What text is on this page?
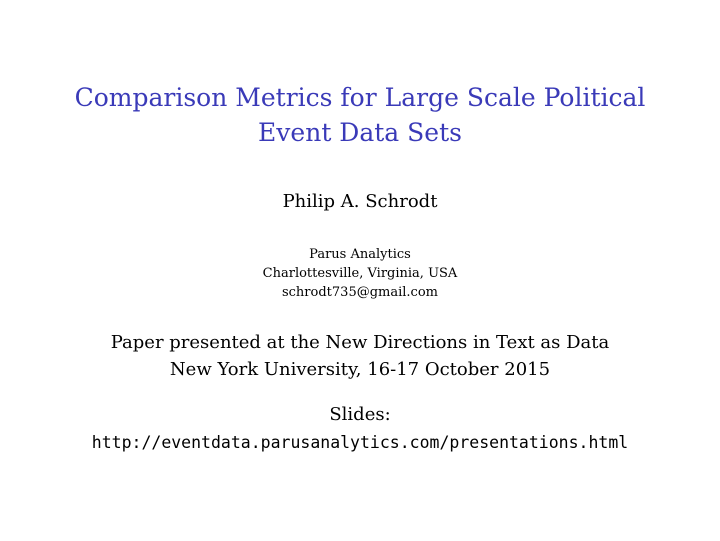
Comparison Metrics for Large Scale Political
Event Data Sets
Philip A. Schrodt
Parus Analytics
Charlottesville, Virginia, USA
schrodt735@gmail.com
Paper presented at the New Directions in Text as Data
New York University, 16-17 October 2015
Slides:
http://eventdata.parusanalytics.com/presentations.html
